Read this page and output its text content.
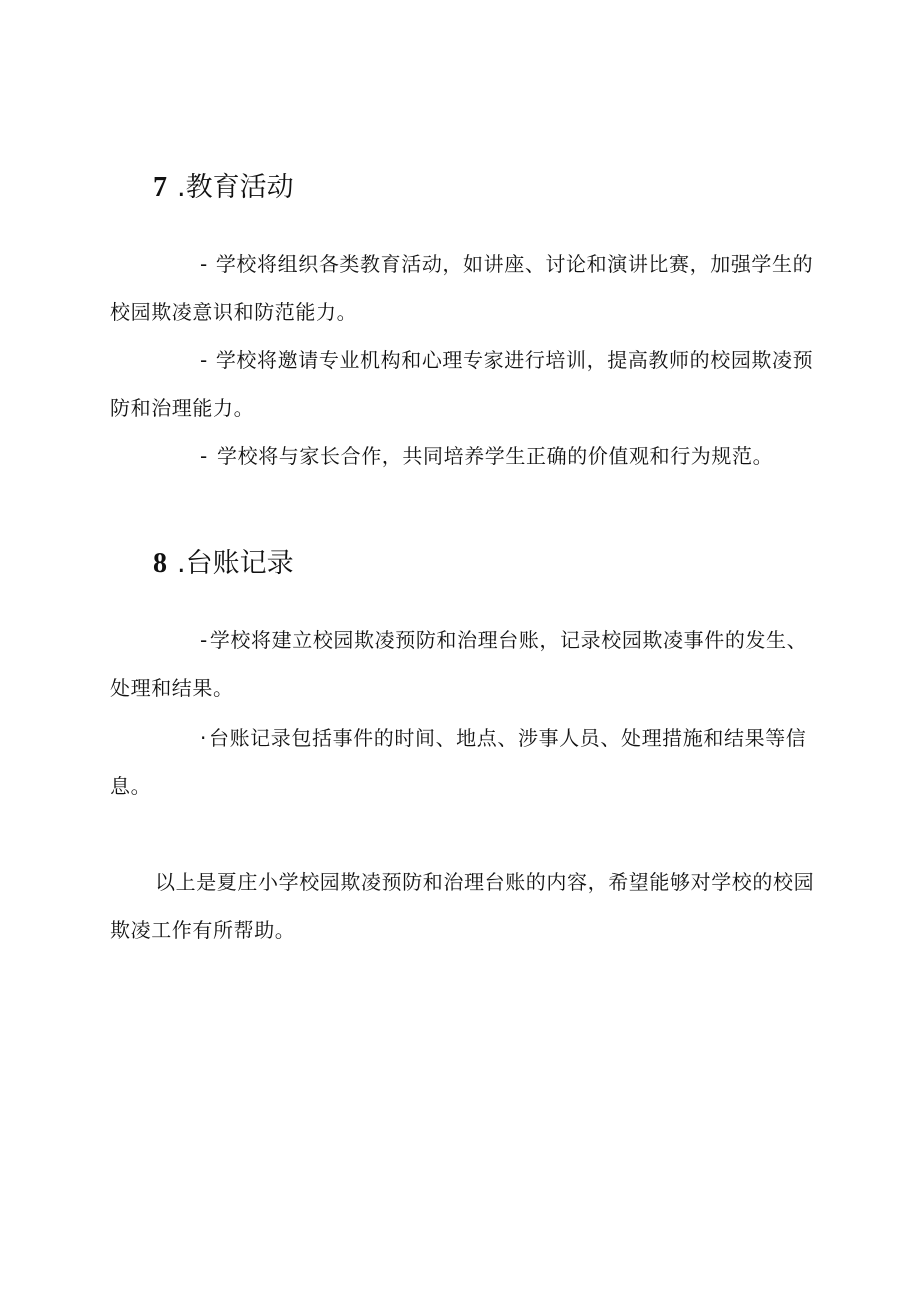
7 .教育活动

- 学校将组织各类教育活动，如讲座、讨论和演讲比赛，加强学生的校园欺凌意识和防范能力。

- 学校将邀请专业机构和心理专家进行培训，提高教师的校园欺凌预防和治理能力。

- 学校将与家长合作，共同培养学生正确的价值观和行为规范。

8 .台账记录

- 学校将建立校园欺凌预防和治理台账，记录校园欺凌事件的发生、处理和结果。

· 台账记录包括事件的时间、地点、涉事人员、处理措施和结果等信息。

以上是夏庄小学校园欺凌预防和治理台账的内容，希望能够对学校的校园欺凌工作有所帮助。
